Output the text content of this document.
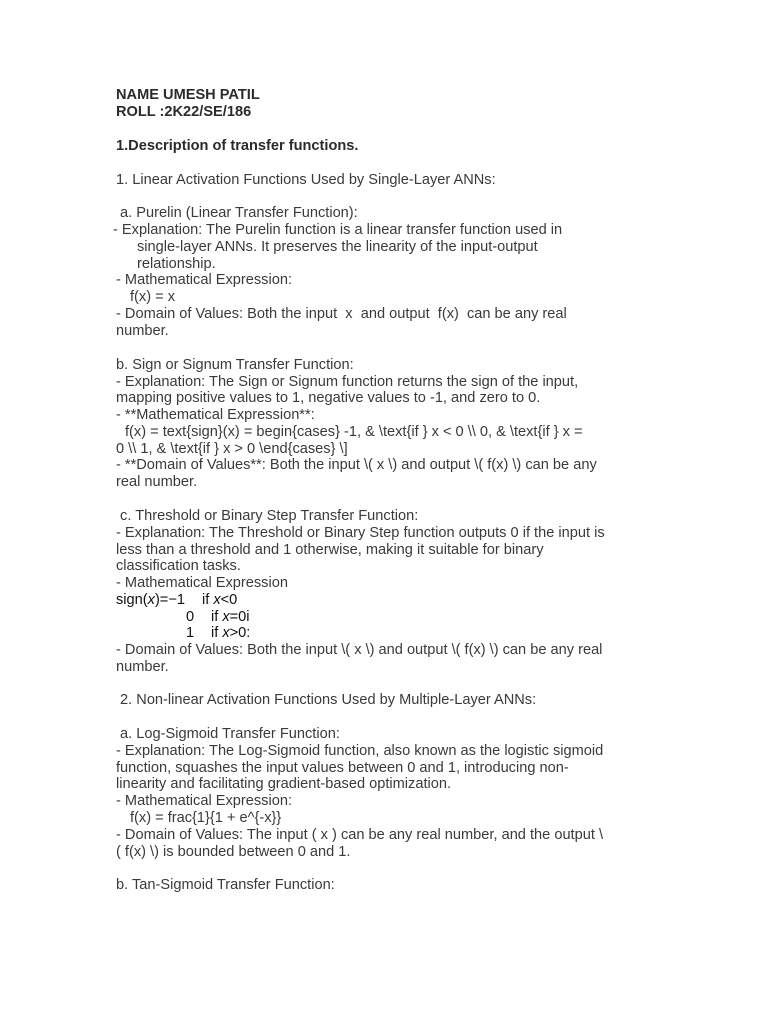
NAME UMESH PATIL
ROLL :2K22/SE/186
1.Description of transfer functions.
1. Linear Activation Functions Used by Single-Layer ANNs:
a. Purelin (Linear Transfer Function):
- Explanation: The Purelin function is a linear transfer function used in
single-layer ANNs. It preserves the linearity of the input-output
relationship.
- Mathematical Expression:
f(x) = x
- Domain of Values: Both the input  x  and output  f(x)  can be any real
number.
b. Sign or Signum Transfer Function:
- Explanation: The Sign or Signum function returns the sign of the input,
mapping positive values to 1, negative values to -1, and zero to 0.
- **Mathematical Expression**:
f(x) = text{sign}(x) = begin{cases} -1, & \text{if } x < 0 \\ 0, & \text{if } x =
0 \\ 1, & \text{if } x > 0 \end{cases} \]
- **Domain of Values**: Both the input \( x \) and output \( f(x) \) can be any
real number.
c. Threshold or Binary Step Transfer Function:
- Explanation: The Threshold or Binary Step function outputs 0 if the input is
less than a threshold and 1 otherwise, making it suitable for binary
classification tasks.
- Mathematical Expression
sign(x)=−1 if x<0
0 if x=0i
1 if x>0:
- Domain of Values: Both the input \( x \) and output \( f(x) \) can be any real
number.
2. Non-linear Activation Functions Used by Multiple-Layer ANNs:
a. Log-Sigmoid Transfer Function:
- Explanation: The Log-Sigmoid function, also known as the logistic sigmoid
function, squashes the input values between 0 and 1, introducing non-
linearity and facilitating gradient-based optimization.
- Mathematical Expression:
f(x) = frac{1}{1 + e^{-x}}
- Domain of Values: The input ( x ) can be any real number, and the output \
( f(x) \) is bounded between 0 and 1.
b. Tan-Sigmoid Transfer Function:
